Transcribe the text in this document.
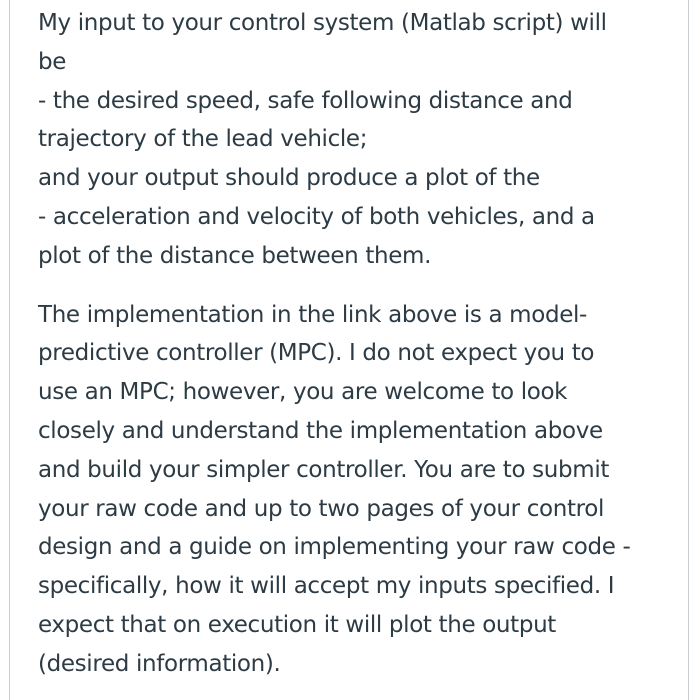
My input to your control system (Matlab script) will
be
- the desired speed, safe following distance and
trajectory of the lead vehicle;
and your output should produce a plot of the
- acceleration and velocity of both vehicles, and a
plot of the distance between them.

The implementation in the link above is a model-
predictive controller (MPC). I do not expect you to
use an MPC; however, you are welcome to look
closely and understand the implementation above
and build your simpler controller. You are to submit
your raw code and up to two pages of your control
design and a guide on implementing your raw code -
specifically, how it will accept my inputs specified. I
expect that on execution it will plot the output
(desired information).
